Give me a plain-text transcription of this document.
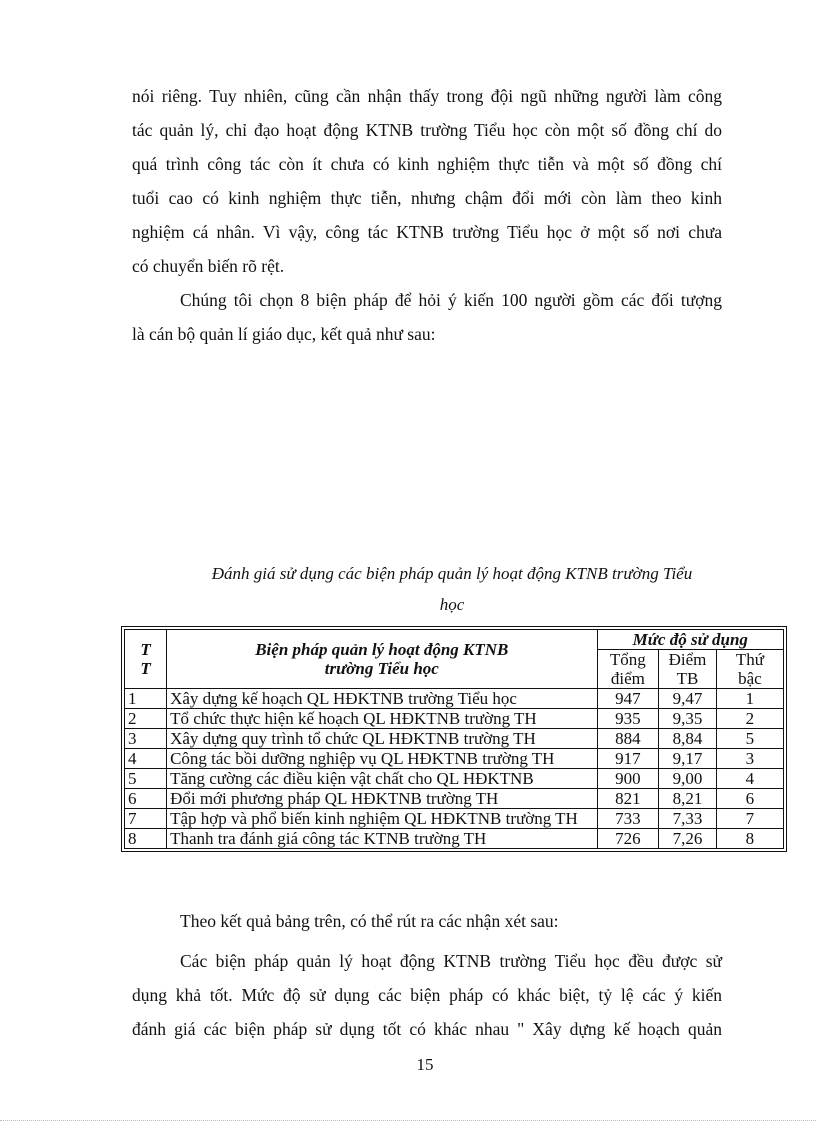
nói riêng. Tuy nhiên, cũng cần nhận thấy trong đội ngũ những người làm công
tác quản lý, chỉ đạo hoạt động KTNB trường Tiểu học còn một số đồng chí do
quá trình công tác còn ít chưa có kinh nghiệm thực tiễn và một số đồng chí
tuổi cao có kinh nghiệm thực tiễn, nhưng chậm đổi mới còn làm theo kinh
nghiệm cá nhân. Vì vậy, công tác KTNB trường Tiểu học ở một số nơi chưa
có chuyển biến rõ rệt.
Chúng tôi chọn 8 biện pháp để hỏi ý kiến 100 người gồm các đối tượng
là cán bộ quản lí giáo dục, kết quả như sau:
Đánh giá sử dụng các biện pháp quản lý hoạt động KTNB trường Tiểu
học
T T	Biện pháp quản lý hoạt động KTNB trường Tiểu học	Mức độ sử dụng		

		Tổng điểm	Điểm TB	Thứ bậc

1	Xây dựng kế hoạch QL HĐKTNB trường Tiểu học	947	9,47	1
2	Tổ chức thực hiện kế hoạch QL HĐKTNB trường TH	935	9,35	2
3	Xây dựng quy trình tổ chức QL HĐKTNB trường TH	884	8,84	5
4	Công tác bồi dưỡng nghiệp vụ QL HĐKTNB trường TH	917	9,17	3
5	Tăng cường các điều kiện vật chất cho QL HĐKTNB	900	9,00	4
6	Đổi mới phương pháp QL HĐKTNB trường TH	821	8,21	6
7	Tập hợp và phổ biến kinh nghiệm QL HĐKTNB trường TH	733	7,33	7
8	Thanh tra đánh giá công tác KTNB trường TH	726	7,26	8
Theo kết quả bảng trên, có thể rút ra các nhận xét sau:
Các biện pháp quản lý hoạt động KTNB trường Tiểu học đều được sử
dụng khả tốt. Mức độ sử dụng các biện pháp có khác biệt, tỷ lệ các ý kiến
đánh giá các biện pháp sử dụng tốt có khác nhau " Xây dựng kế hoạch quản
15
